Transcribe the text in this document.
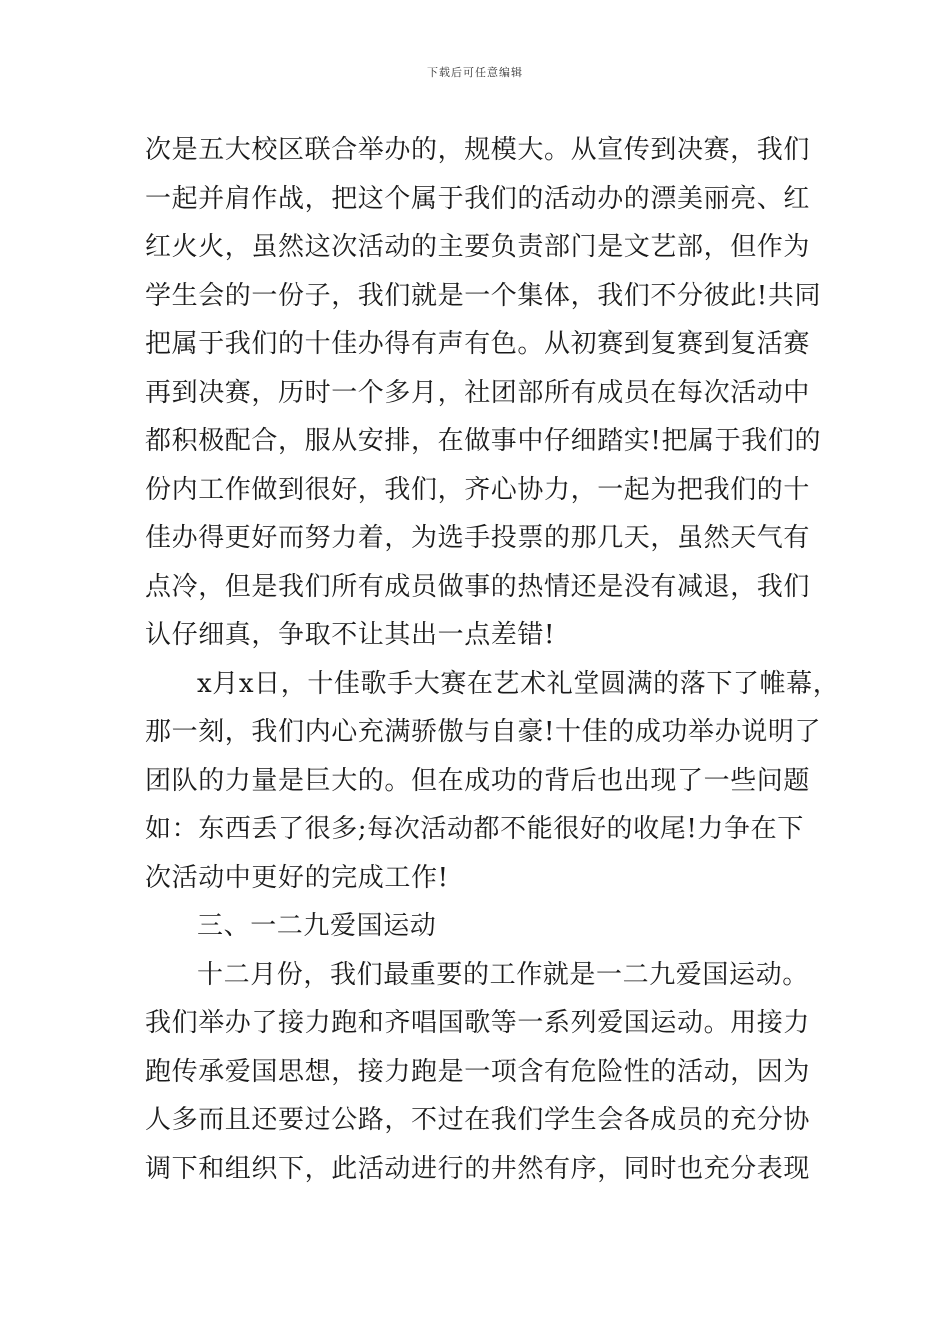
下载后可任意编辑
次是五大校区联合举办的，规模大。从宣传到决赛，我们
一起并肩作战，把这个属于我们的活动办的漂美丽亮、红
红火火，虽然这次活动的主要负责部门是文艺部，但作为
学生会的一份子，我们就是一个集体，我们不分彼此!共同
把属于我们的十佳办得有声有色。从初赛到复赛到复活赛
再到决赛，历时一个多月，社团部所有成员在每次活动中
都积极配合，服从安排，在做事中仔细踏实!把属于我们的
份内工作做到很好，我们，齐心协力，一起为把我们的十
佳办得更好而努力着，为选手投票的那几天，虽然天气有
点冷，但是我们所有成员做事的热情还是没有减退，我们
认仔细真，争取不让其出一点差错!
x月x日，十佳歌手大赛在艺术礼堂圆满的落下了帷幕，
那一刻，我们内心充满骄傲与自豪!十佳的成功举办说明了
团队的力量是巨大的。但在成功的背后也出现了一些问题
如：东西丢了很多;每次活动都不能很好的收尾!力争在下
次活动中更好的完成工作!
三、一二九爱国运动
十二月份，我们最重要的工作就是一二九爱国运动。
我们举办了接力跑和齐唱国歌等一系列爱国运动。用接力
跑传承爱国思想，接力跑是一项含有危险性的活动，因为
人多而且还要过公路，不过在我们学生会各成员的充分协
调下和组织下，此活动进行的井然有序，同时也充分表现
